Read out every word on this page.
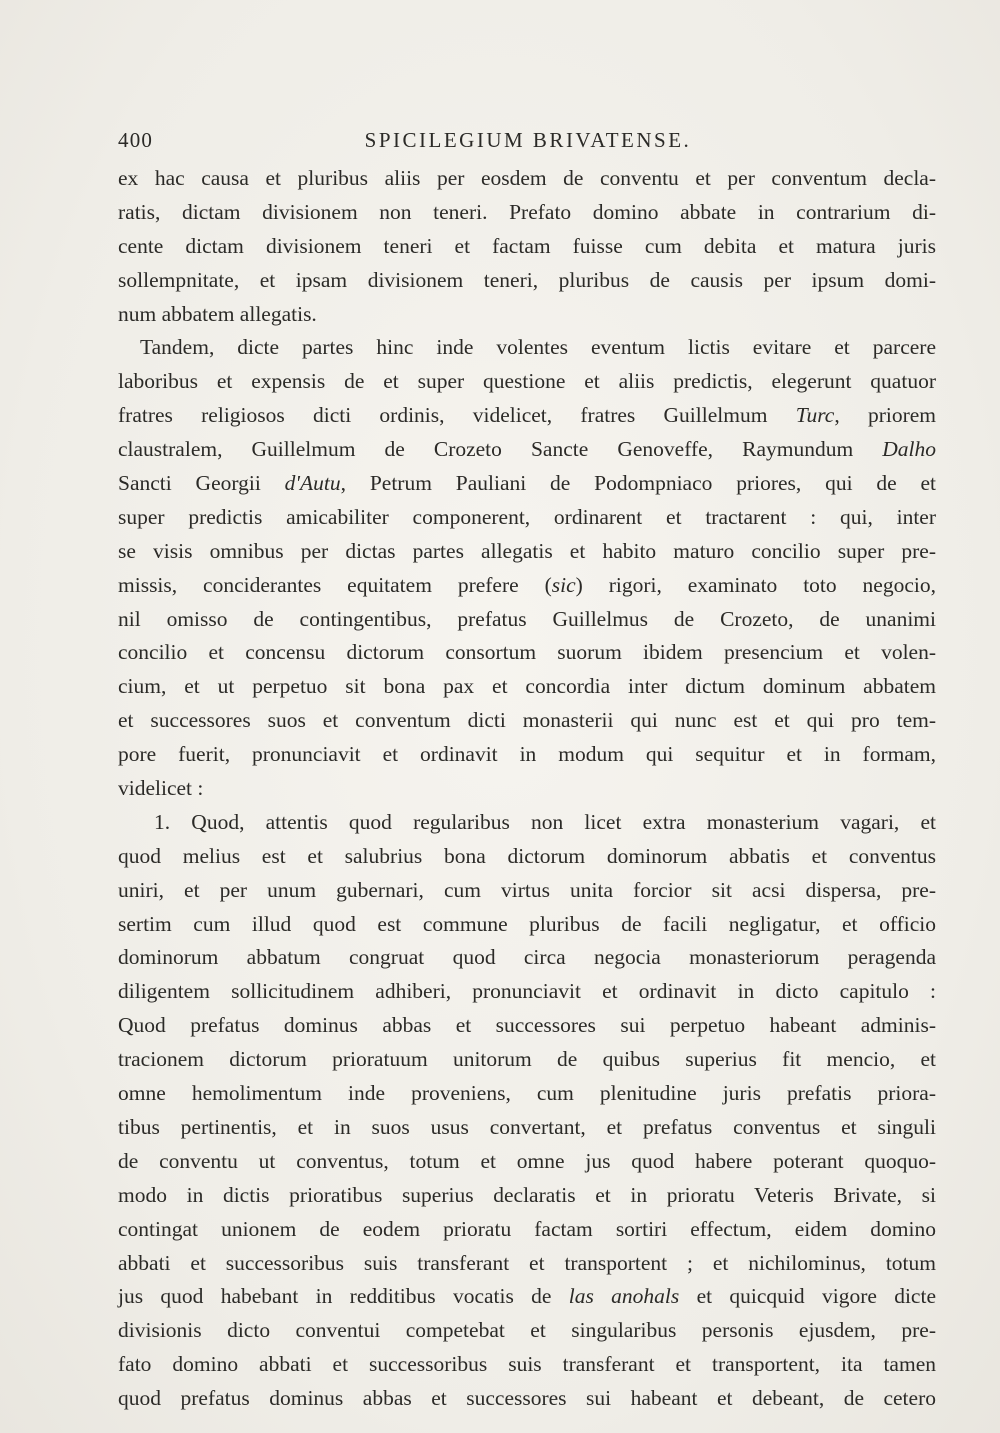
400	SPICILEGIUM BRIVATENSE.
ex hac causa et pluribus aliis per eosdem de conventu et per conventum decla-
ratis, dictam divisionem non teneri. Prefato domino abbate in contrarium di-
cente dictam divisionem teneri et factam fuisse cum debita et matura juris
sollempnitate, et ipsam divisionem teneri, pluribus de causis per ipsum domi-
num abbatem allegatis.
Tandem, dicte partes hinc inde volentes eventum lictis evitare et parcere
laboribus et expensis de et super questione et aliis predictis, elegerunt quatuor
fratres religiosos dicti ordinis, videlicet, fratres Guillelmum Turc, priorem
claustralem, Guillelmum de Crozeto Sancte Genoveffe, Raymundum Dalho
Sancti Georgii d'Autu, Petrum Pauliani de Podompniaco priores, qui de et
super predictis amicabiliter componerent, ordinarent et tractarent : qui, inter
se visis omnibus per dictas partes allegatis et habito maturo concilio super pre-
missis, conciderantes equitatem prefere (sic) rigori, examinato toto negocio,
nil omisso de contingentibus, prefatus Guillelmus de Crozeto, de unanimi
concilio et concensu dictorum consortum suorum ibidem presencium et volen-
cium, et ut perpetuo sit bona pax et concordia inter dictum dominum abbatem
et successores suos et conventum dicti monasterii qui nunc est et qui pro tem-
pore fuerit, pronunciavit et ordinavit in modum qui sequitur et in formam,
videlicet :
1. Quod, attentis quod regularibus non licet extra monasterium vagari, et
quod melius est et salubrius bona dictorum dominorum abbatis et conventus
uniri, et per unum gubernari, cum virtus unita forcior sit acsi dispersa, pre-
sertim cum illud quod est commune pluribus de facili negligatur, et officio
dominorum abbatum congruat quod circa negocia monasteriorum peragenda
diligentem sollicitudinem adhiberi, pronunciavit et ordinavit in dicto capitulo :
Quod prefatus dominus abbas et successores sui perpetuo habeant adminis-
tracionem dictorum prioratuum unitorum de quibus superius fit mencio, et
omne hemolimentum inde proveniens, cum plenitudine juris prefatis priora-
tibus pertinentis, et in suos usus convertant, et prefatus conventus et singuli
de conventu ut conventus, totum et omne jus quod habere poterant quoquo-
modo in dictis prioratibus superius declaratis et in prioratu Veteris Brivate, si
contingat unionem de eodem prioratu factam sortiri effectum, eidem domino
abbati et successoribus suis transferant et transportent ; et nichilominus, totum
jus quod habebant in redditibus vocatis de las anohals et quicquid vigore dicte
divisionis dicto conventui competebat et singularibus personis ejusdem, pre-
fato domino abbati et successoribus suis transferant et transportent, ita tamen
quod prefatus dominus abbas et successores sui habeant et debeant, de cetero
